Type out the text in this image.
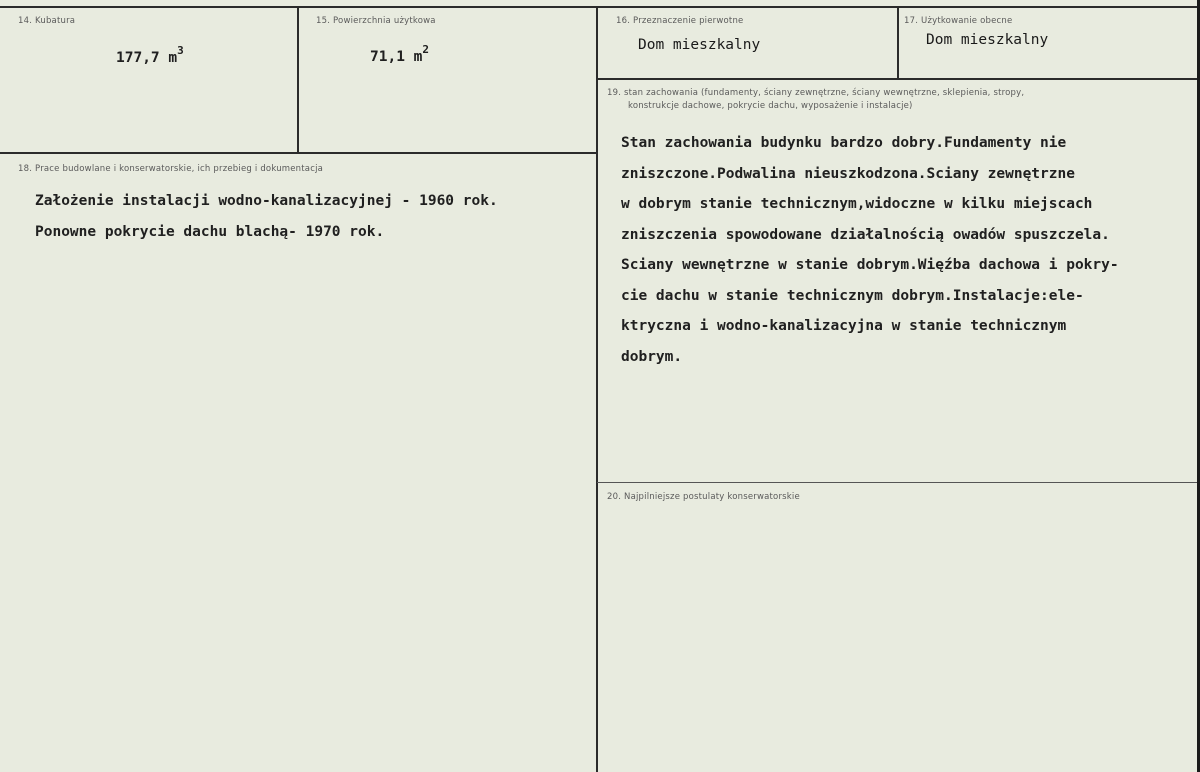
14. Kubatura
177,7 $m^3$
15. Powierzchnia użytkowa
71,1 $m^2$
16. Przeznaczenie pierwotne
Dom mieszkalny
17. Użytkowanie obecne
Dom mieszkalny
18. Prace budowlane i konserwatorskie, ich przebieg i dokumentacja
Założenie instalacji wodno-kanalizacyjnej - 1960 rok.
Ponowne pokrycie dachu blachą- 1970 rok.
19. stan zachowania (fundamenty, ściany zewnętrzne, ściany wewnętrzne, sklepienia, stropy,
konstrukcje dachowe, pokrycie dachu, wyposażenie i instalacje)
Stan zachowania budynku bardzo dobry.Fundamenty nie
zniszczone.Podwalina nieuszkodzona.Sciany zewnętrzne
w dobrym stanie technicznym,widoczne w kilku miejscach
zniszczenia spowodowane działalnością owadów spuszczela.
Sciany wewnętrzne w stanie dobrym.Więźba dachowa i pokry-
cie dachu w stanie technicznym dobrym.Instalacje:ele-
ktryczna i wodno-kanalizacyjna w stanie technicznym
dobrym.
20. Najpilniejsze postulaty konserwatorskie
